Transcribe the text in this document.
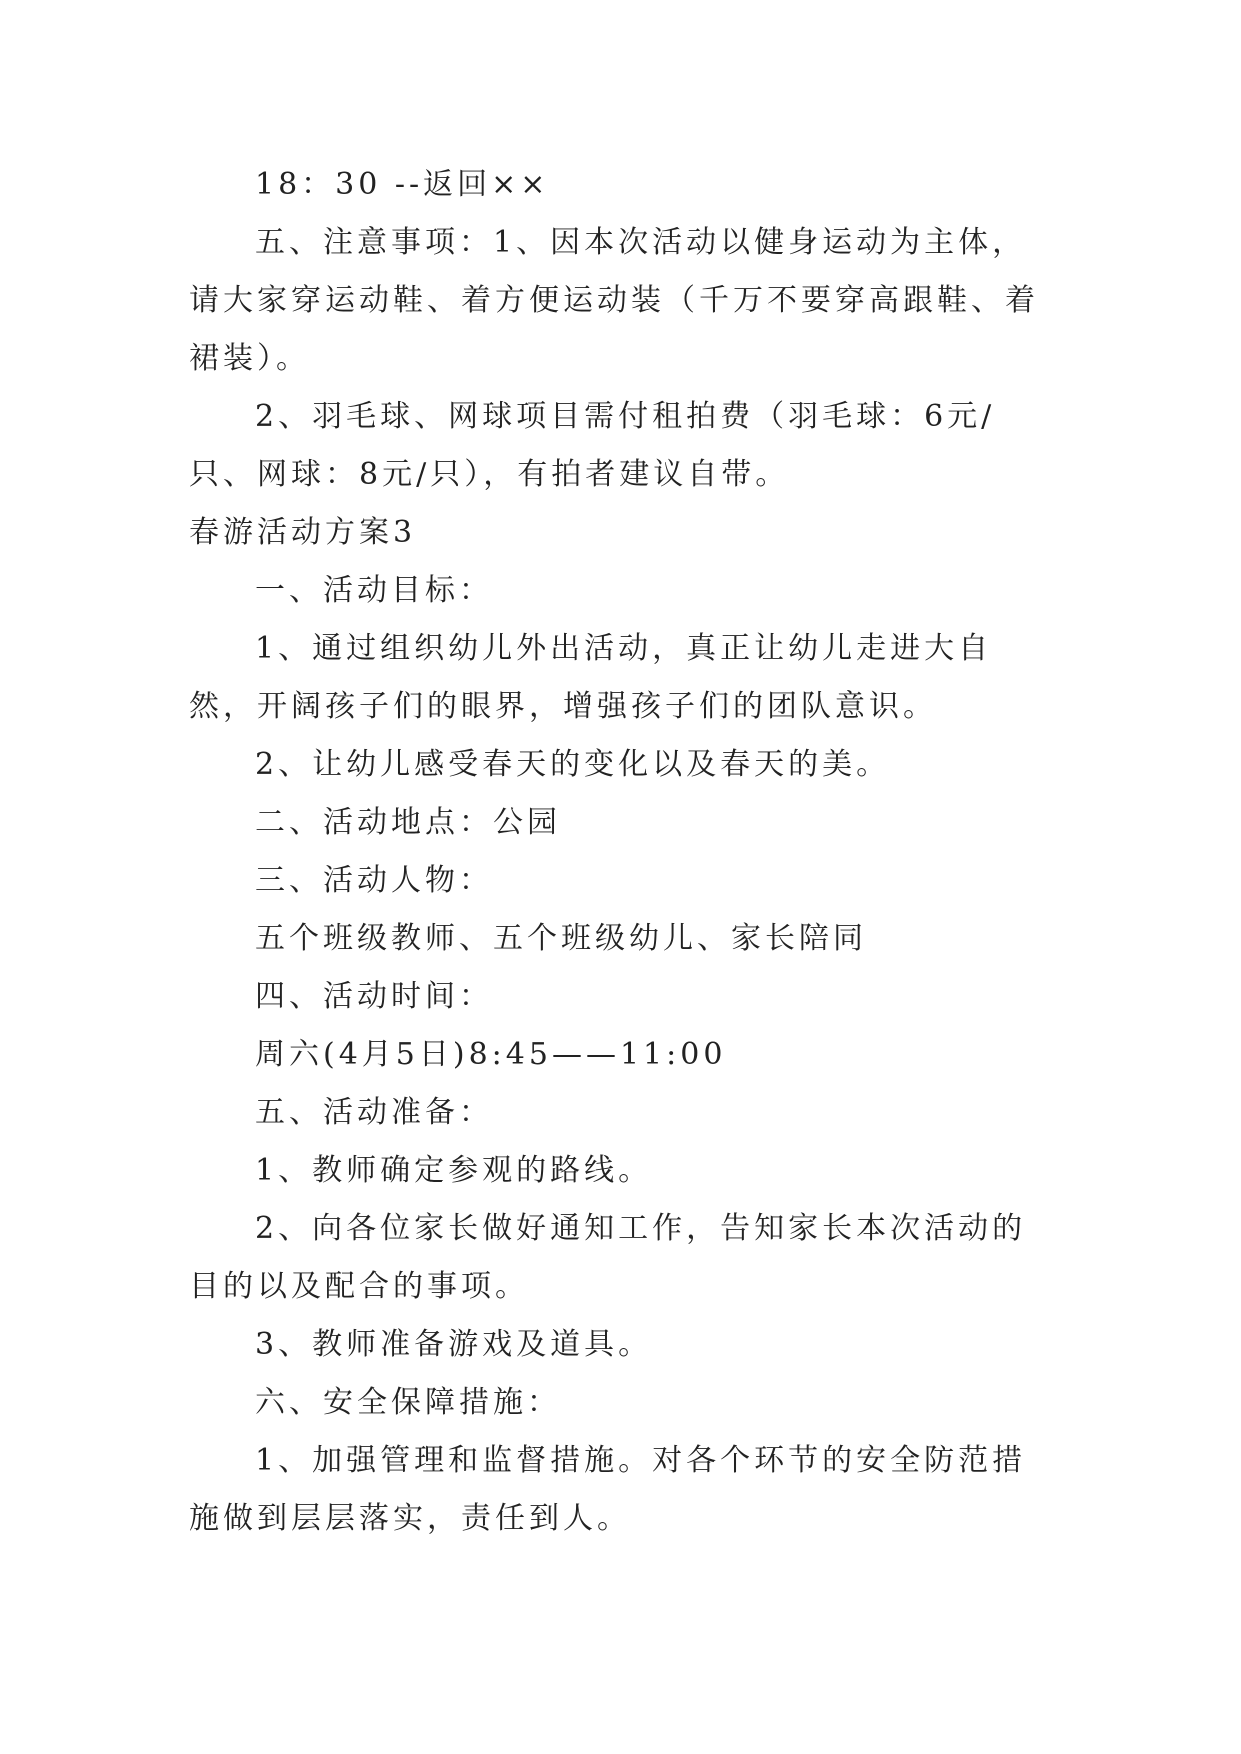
18：30 --返回××

五、注意事项：1、因本次活动以健身运动为主体，请大家穿运动鞋、着方便运动装（千万不要穿高跟鞋、着裙装）。

2、羽毛球、网球项目需付租拍费（羽毛球：6元/只、网球：8元/只），有拍者建议自带。

春游活动方案3

一、活动目标：

1、通过组织幼儿外出活动，真正让幼儿走进大自然，开阔孩子们的眼界，增强孩子们的团队意识。

2、让幼儿感受春天的变化以及春天的美。

二、活动地点：公园

三、活动人物：

五个班级教师、五个班级幼儿、家长陪同

四、活动时间：

周六(4月5日)8:45——11:00

五、活动准备：

1、教师确定参观的路线。

2、向各位家长做好通知工作，告知家长本次活动的目的以及配合的事项。

3、教师准备游戏及道具。

六、安全保障措施：

1、加强管理和监督措施。对各个环节的安全防范措施做到层层落实，责任到人。
